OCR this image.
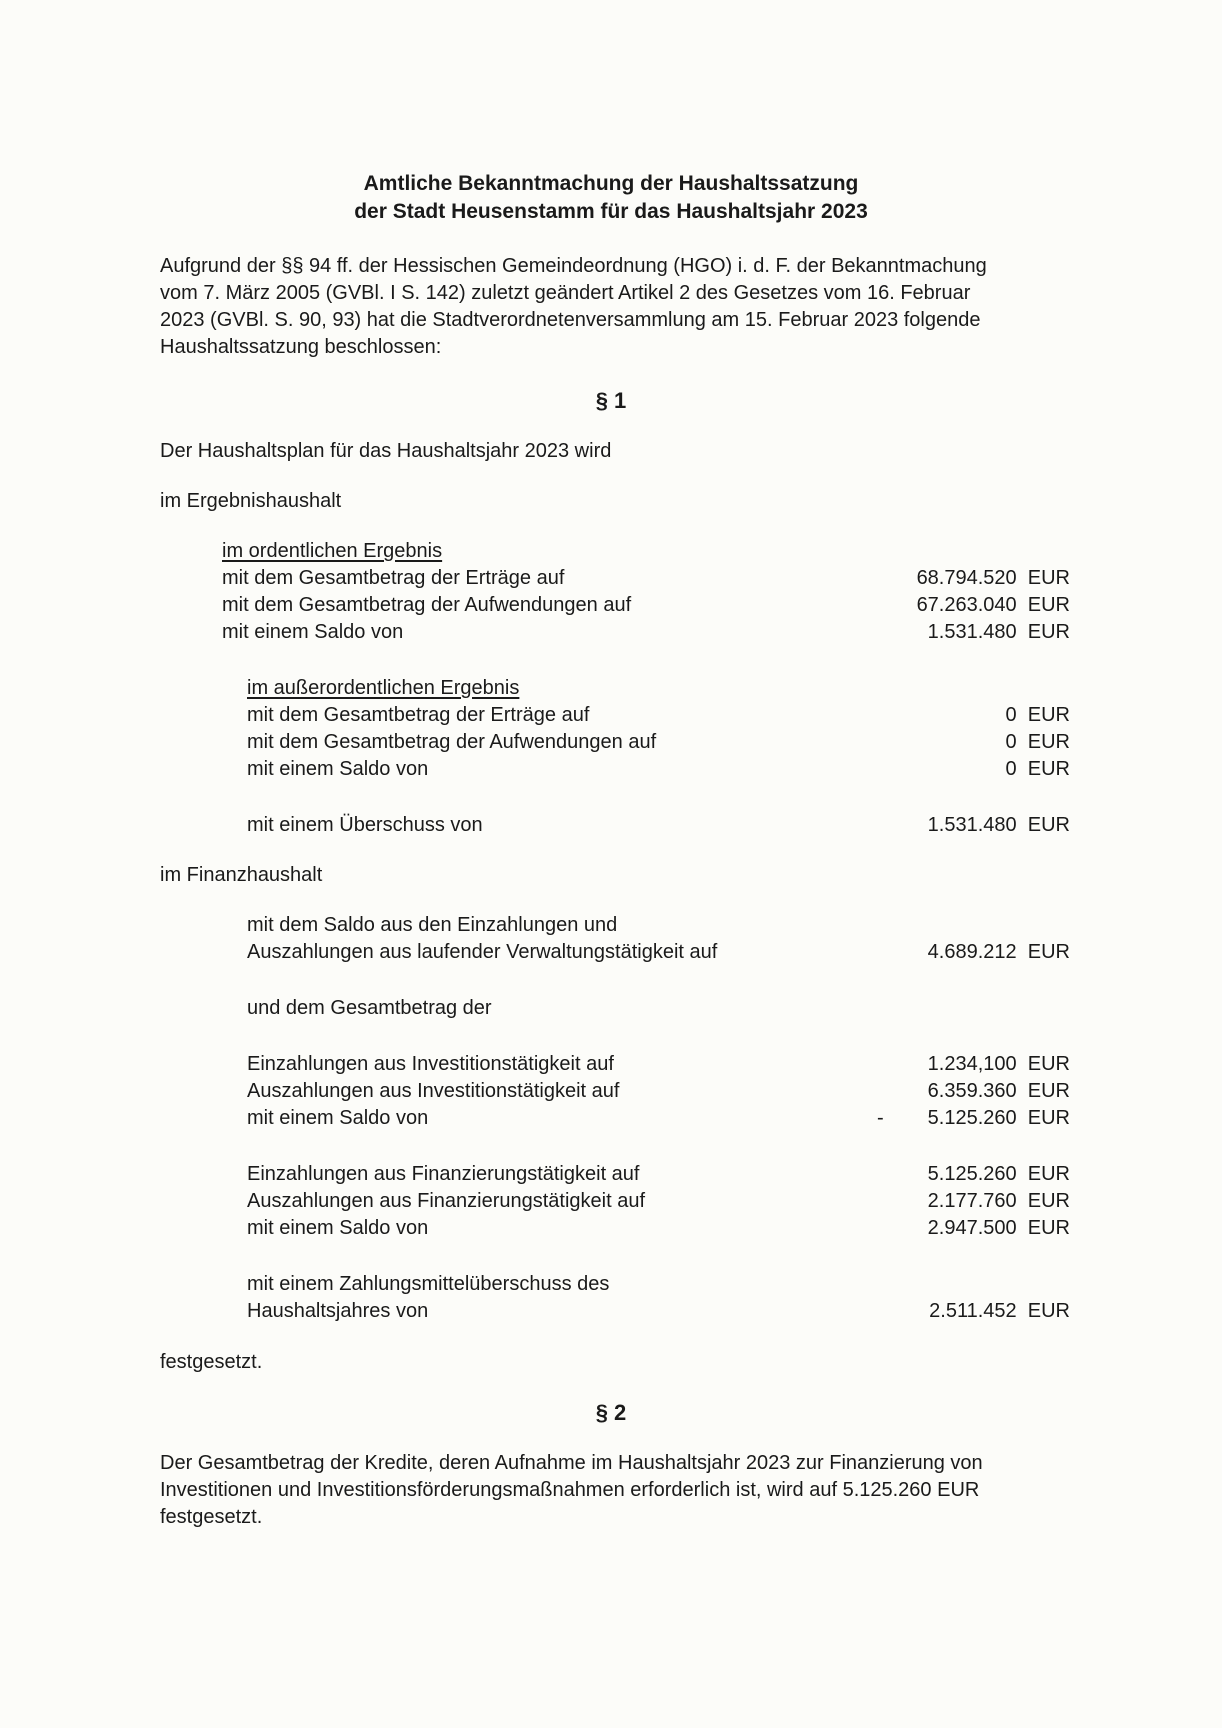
Amtliche Bekanntmachung der Haushaltssatzung
der Stadt Heusenstamm für das Haushaltsjahr 2023
Aufgrund der §§ 94 ff. der Hessischen Gemeindeordnung (HGO) i. d. F. der Bekanntmachung
vom 7. März 2005 (GVBl. I S. 142) zuletzt geändert Artikel 2 des Gesetzes vom 16. Februar
2023 (GVBl. S. 90, 93) hat die Stadtverordnetenversammlung am 15. Februar 2023 folgende
Haushaltssatzung beschlossen:
§ 1
Der Haushaltsplan für das Haushaltsjahr 2023 wird
im Ergebnishaushalt
im ordentlichen Ergebnis
mit dem Gesamtbetrag der Erträge auf	68.794.520  EUR
mit dem Gesamtbetrag der Aufwendungen auf	67.263.040  EUR
mit einem Saldo von	1.531.480  EUR
im außerordentlichen Ergebnis
mit dem Gesamtbetrag der Erträge auf	0  EUR
mit dem Gesamtbetrag der Aufwendungen auf	0  EUR
mit einem Saldo von	0  EUR
mit einem Überschuss von	1.531.480  EUR
im Finanzhaushalt
mit dem Saldo aus den Einzahlungen und
Auszahlungen aus laufender Verwaltungstätigkeit auf	4.689.212  EUR
und dem Gesamtbetrag der
Einzahlungen aus Investitionstätigkeit auf	1.234,100  EUR
Auszahlungen aus Investitionstätigkeit auf	6.359.360  EUR
mit einem Saldo von	-	5.125.260  EUR
Einzahlungen aus Finanzierungstätigkeit auf	5.125.260  EUR
Auszahlungen aus Finanzierungstätigkeit auf	2.177.760  EUR
mit einem Saldo von	2.947.500  EUR
mit einem Zahlungsmittelüberschuss des
Haushaltsjahres von	2.511.452  EUR
festgesetzt.
§ 2
Der Gesamtbetrag der Kredite, deren Aufnahme im Haushaltsjahr 2023 zur Finanzierung von
Investitionen und Investitionsförderungsmaßnahmen erforderlich ist, wird auf 5.125.260 EUR
festgesetzt.
